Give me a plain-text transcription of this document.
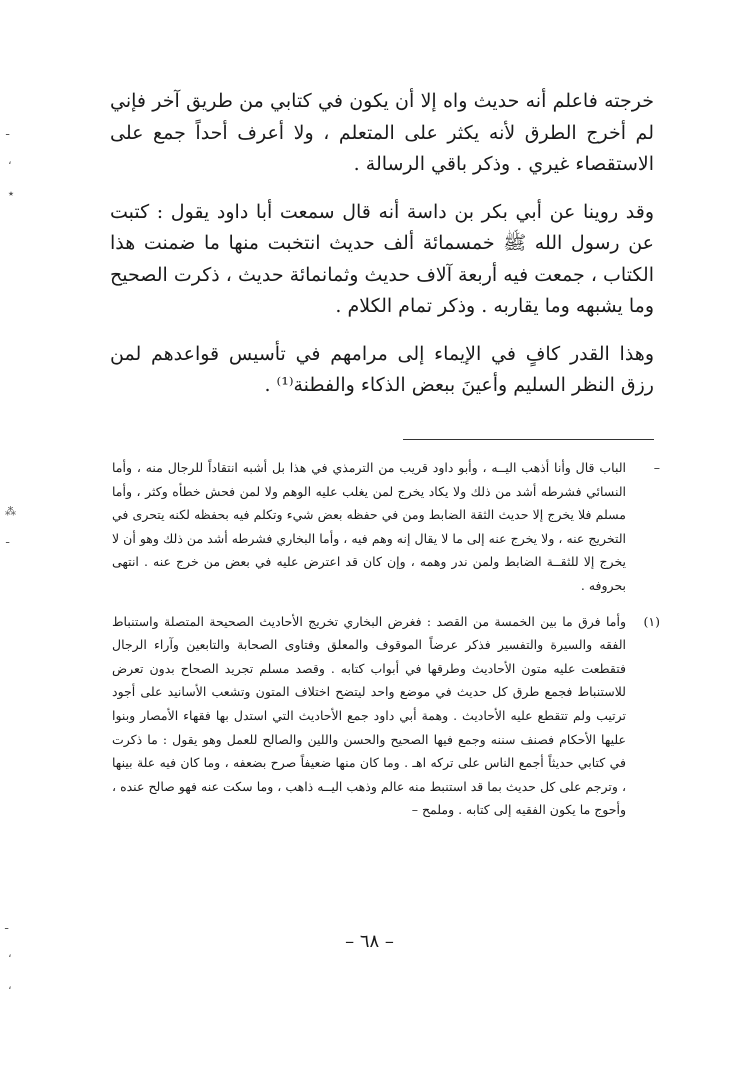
خرجته فاعلم أنه حديث واه إلا أن يكون في كتابي من طريق آخر فإني لم أخرج الطرق لأنه يكثر على المتعلم ، ولا أعرف أحداً جمع على الاستقصاء غيري . وذكر باقي الرسالة .

وقد روينا عن أبي بكر بن داسة أنه قال سمعت أبا داود يقول : كتبت عن رسول الله ﷺ خمسمائة ألف حديث انتخبت منها ما ضمنت هذا الكتاب ، جمعت فيه أربعة آلاف حديث وثمانمائة حديث ، ذكرت الصحيح وما يشبهه وما يقاربه . وذكر تمام الكلام .

وهذا القدر كافٍ في الإيماء إلى مرامهم في تأسيس قواعدهم لمن رزق النظر السليم وأعينَ ببعض الذكاء والفطنة⁽¹⁾ .

–
الباب قال وأنا أذهب اليــه ، وأبو داود قريب من الترمذي في هذا بل أشبه انتقاداً للرجال منه ، وأما النسائي فشرطه أشد من ذلك ولا يكاد يخرج لمن يغلب عليه الوهم ولا لمن فحش خطأه وكثر ، وأما مسلم فلا يخرج إلا حديث الثقة الضابط ومن في حفظه بعض شيء وتكلم فيه بحفظه لكنه يتحرى في التخريج عنه ، ولا يخرج عنه إلى ما لا يقال إنه وهم فيه ، وأما البخاري فشرطه أشد من ذلك وهو أن لا يخرج إلا للثقــة الضابط ولمن ندر وهمه ، وإن كان قد اعترض عليه في بعض من خرج عنه . انتهى بحروفه .
(١)
وأما فرق ما بين الخمسة من القصد : فغرض البخاري تخريج الأحاديث الصحيحة المتصلة واستنباط الفقه والسيرة والتفسير فذكر عرضاً الموقوف والمعلق وفتاوى الصحابة والتابعين وآراء الرجال فتقطعت عليه متون الأحاديث وطرقها في أبواب كتابه . وقصد مسلم تجريد الصحاح بدون تعرض للاستنباط فجمع طرق كل حديث في موضع واحد ليتضح اختلاف المتون وتشعب الأسانيد على أجود ترتيب ولم تتقطع عليه الأحاديث . وهمة أبي داود جمع الأحاديث التي استدل بها فقهاء الأمصار وبنوا عليها الأحكام فصنف سننه وجمع فيها الصحيح والحسن واللين والصالح للعمل وهو يقول : ما ذكرت في كتابي حديثاً أجمع الناس على تركه اهـ . وما كان منها ضعيفاً صرح بضعفه ، وما كان فيه علة بينها ، وترجم على كل حديث بما قد استنبط منه عالم وذهب اليــه ذاهب ، وما سكت عنه فهو صالح عنده ، وأحوج ما يكون الفقيه إلى كتابه . وملمح –
– ٦٨ –
ـ
،
٭
⁂
ـ
ـ
،
،
